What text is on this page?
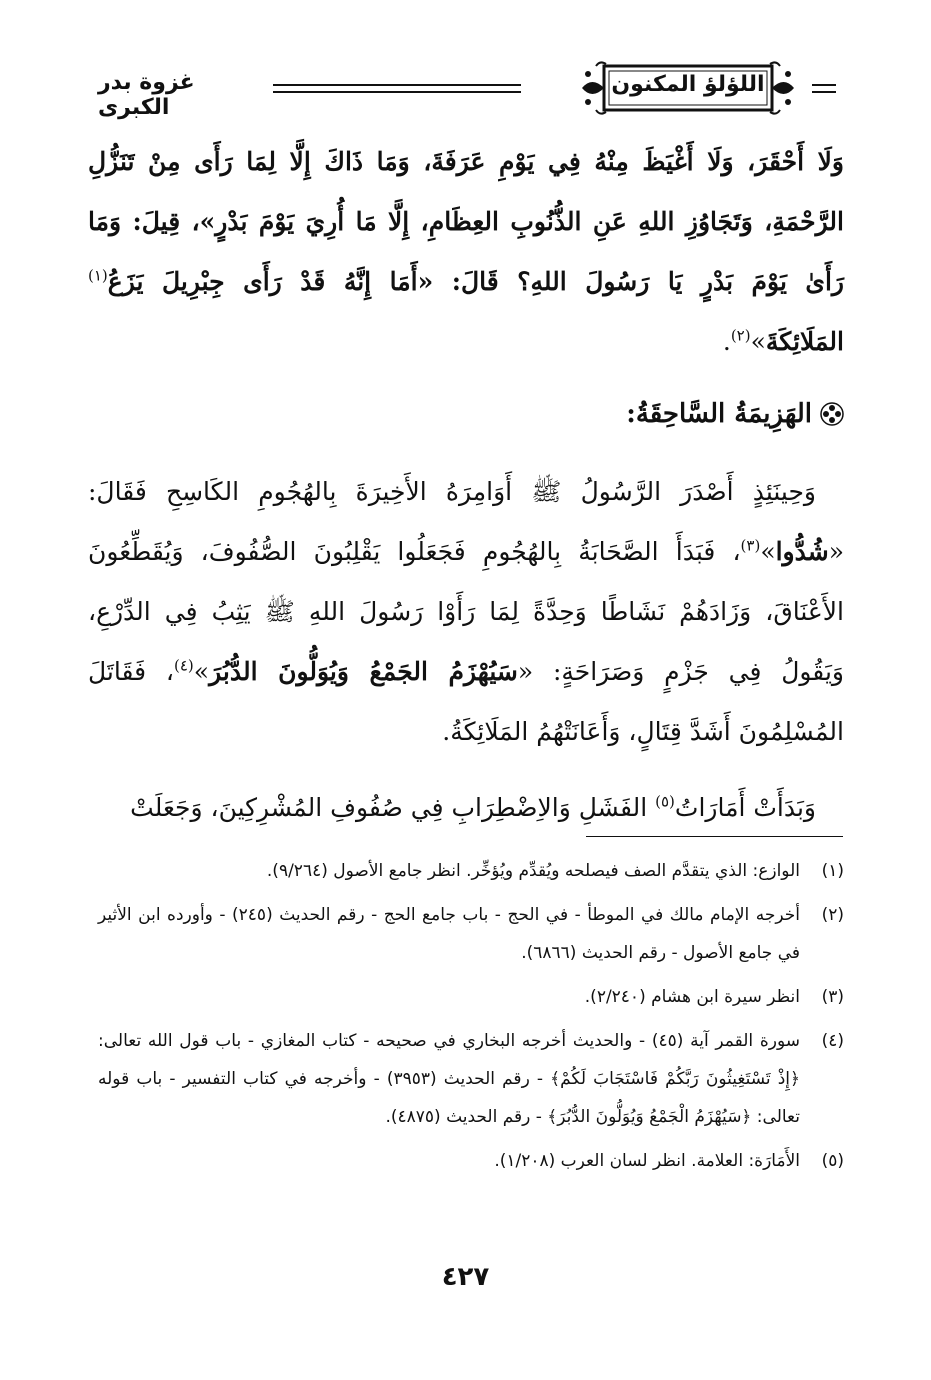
اللؤلؤ المكنون
غزوة بدر الكبرى

وَلَا أَحْقَرَ، وَلَا أَغْيَظَ مِنْهُ فِي يَوْمِ عَرَفَةَ، وَمَا ذَاكَ إِلَّا لِمَا رَأَى مِنْ تَنَزُّلِ الرَّحْمَةِ، وَتَجَاوُزِ اللهِ عَنِ الذُّنُوبِ العِظَامِ، إِلَّا مَا أُرِيَ يَوْمَ بَدْرٍ»، قِيلَ: وَمَا رَأَىٰ يَوْمَ بَدْرٍ يَا رَسُولَ اللهِ؟ قَالَ: «أَمَا إِنَّهُ قَدْ رَأَى جِبْرِيلَ يَزَعُ$^{(١)}$ المَلَائِكَةَ»$^{(٢)}$.

الهَزِيمَةُ السَّاحِقَةُ:

وَحِينَئِذٍ أَصْدَرَ الرَّسُولُ ﷺ أَوَامِرَهُ الأَخِيرَةَ بِالهُجُومِ الكَاسِحِ فَقَالَ: «شُدُّوا»$^{(٣)}$، فَبَدَأَ الصَّحَابَةُ بِالهُجُومِ فَجَعَلُوا يَقْلِبُونَ الصُّفُوفَ، وَيُقَطِّعُونَ الأَعْنَاقَ، وَزَادَهُمْ نَشَاطًا وَحِدَّةً لِمَا رَأَوْا رَسُولَ اللهِ ﷺ يَثِبُ فِي الدِّرْعِ، وَيَقُولُ فِي جَزْمٍ وَصَرَاحَةٍ: «سَيُهْزَمُ الجَمْعُ وَيُوَلُّونَ الدُّبُرَ»$^{(٤)}$، فَقَاتَلَ المُسْلِمُونَ أَشَدَّ قِتَالٍ، وَأَعَانَتْهُمُ المَلَائِكَةُ.

وَبَدَأَتْ أَمَارَاتُ$^{(٥)}$ الفَشَلِ وَالاِضْطِرَابِ فِي صُفُوفِ المُشْرِكِينَ، وَجَعَلَتْ

(١)
الوازع: الذي يتقدَّم الصف فيصلحه ويُقدِّم ويُؤخِّر. انظر جامع الأصول (٩/٢٦٤).
(٢)
أخرجه الإمام مالك في الموطأ - في الحج - باب جامع الحج - رقم الحديث (٢٤٥) - وأورده ابن الأثير في جامع الأصول - رقم الحديث (٦٨٦٦).
(٣)
انظر سيرة ابن هشام (٢/٢٤٠).
(٤)
سورة القمر آية (٤٥) - والحديث أخرجه البخاري في صحيحه - كتاب المغازي - باب قول الله تعالى: ﴿إِذْ تَسْتَغِيثُونَ رَبَّكُمْ فَاسْتَجَابَ لَكُمْ﴾ - رقم الحديث (٣٩٥٣) - وأخرجه في كتاب التفسير - باب قوله تعالى: ﴿سَيُهْزَمُ الْجَمْعُ وَيُوَلُّونَ الدُّبُرَ﴾ - رقم الحديث (٤٨٧٥).
(٥)
الأَمَارَة: العلامة. انظر لسان العرب (١/٢٠٨).
٤٢٧
